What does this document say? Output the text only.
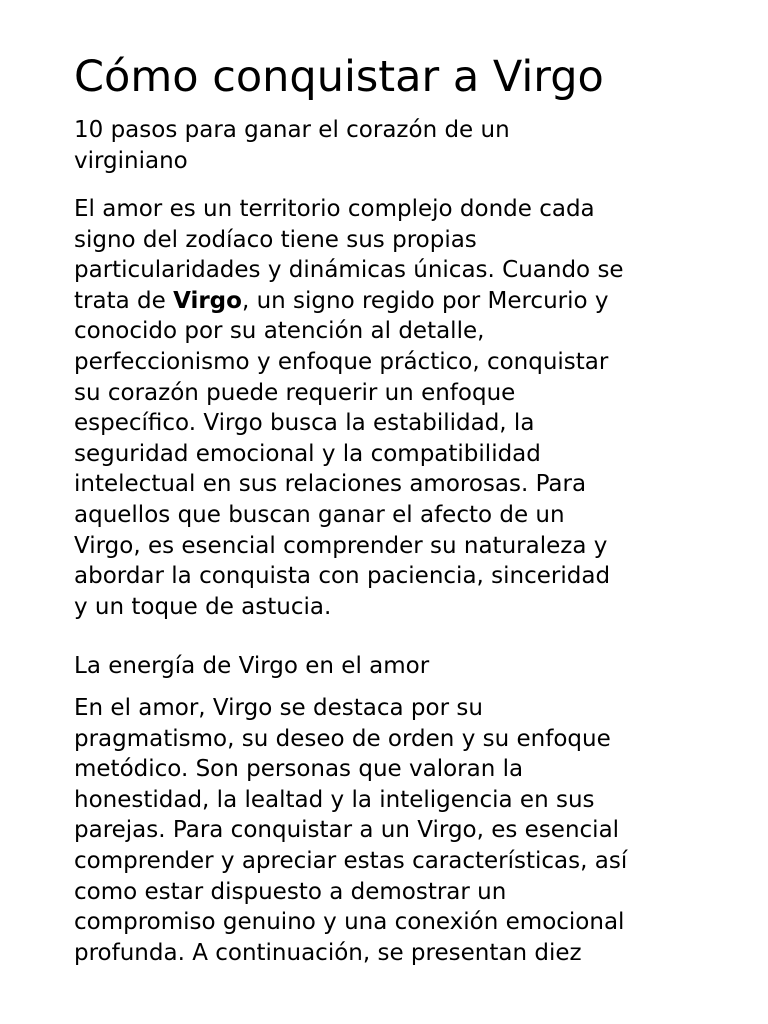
Cómo conquistar a Virgo
10 pasos para ganar el corazón de un
virginiano

El amor es un territorio complejo donde cada
signo del zodíaco tiene sus propias
particularidades y dinámicas únicas. Cuando se
trata de Virgo, un signo regido por Mercurio y
conocido por su atención al detalle,
perfeccionismo y enfoque práctico, conquistar
su corazón puede requerir un enfoque
específico. Virgo busca la estabilidad, la
seguridad emocional y la compatibilidad
intelectual en sus relaciones amorosas. Para
aquellos que buscan ganar el afecto de un
Virgo, es esencial comprender su naturaleza y
abordar la conquista con paciencia, sinceridad
y un toque de astucia.

La energía de Virgo en el amor

En el amor, Virgo se destaca por su
pragmatismo, su deseo de orden y su enfoque
metódico. Son personas que valoran la
honestidad, la lealtad y la inteligencia en sus
parejas. Para conquistar a un Virgo, es esencial
comprender y apreciar estas características, así
como estar dispuesto a demostrar un
compromiso genuino y una conexión emocional
profunda. A continuación, se presentan diez
